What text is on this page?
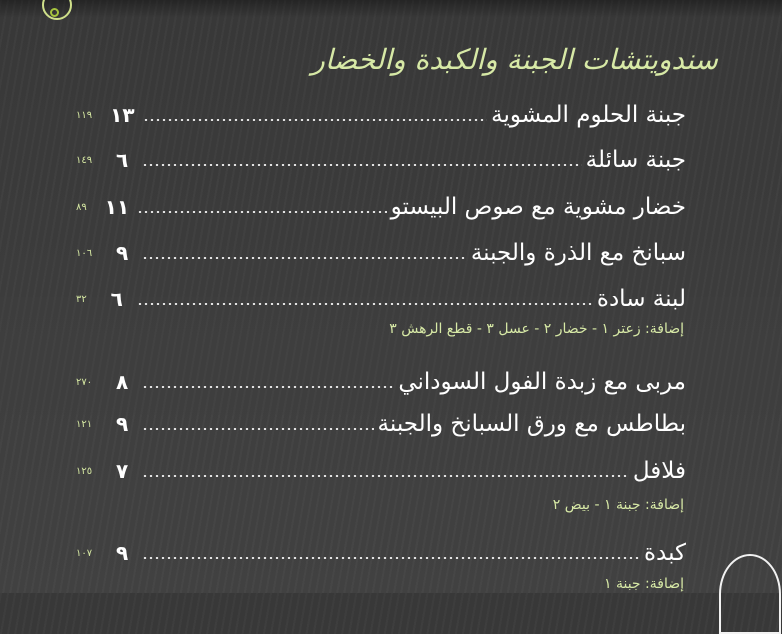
سندويتشات الجبنة والكبدة والخضار
جبنة الحلوم المشوية
١٣
١١٩
جبنة سائلة
٦
١٤٩
خضار مشوية مع صوص البيستو
١١
٨٩
سبانخ مع الذرة والجبنة
٩
١٠٦
لبنة سادة
٦
٣٢
إضافة: زعتر ١ - خضار ٢ - عسل ٣ - قطع الرهش ٣
مربى مع زبدة الفول السوداني
٨
٢٧٠
بطاطس مع ورق السبانخ والجبنة
٩
١٢١
فلافل
٧
١٢٥
إضافة: جبنة ١ - بيض ٢
كبدة
٩
١٠٧
إضافة: جبنة ١
